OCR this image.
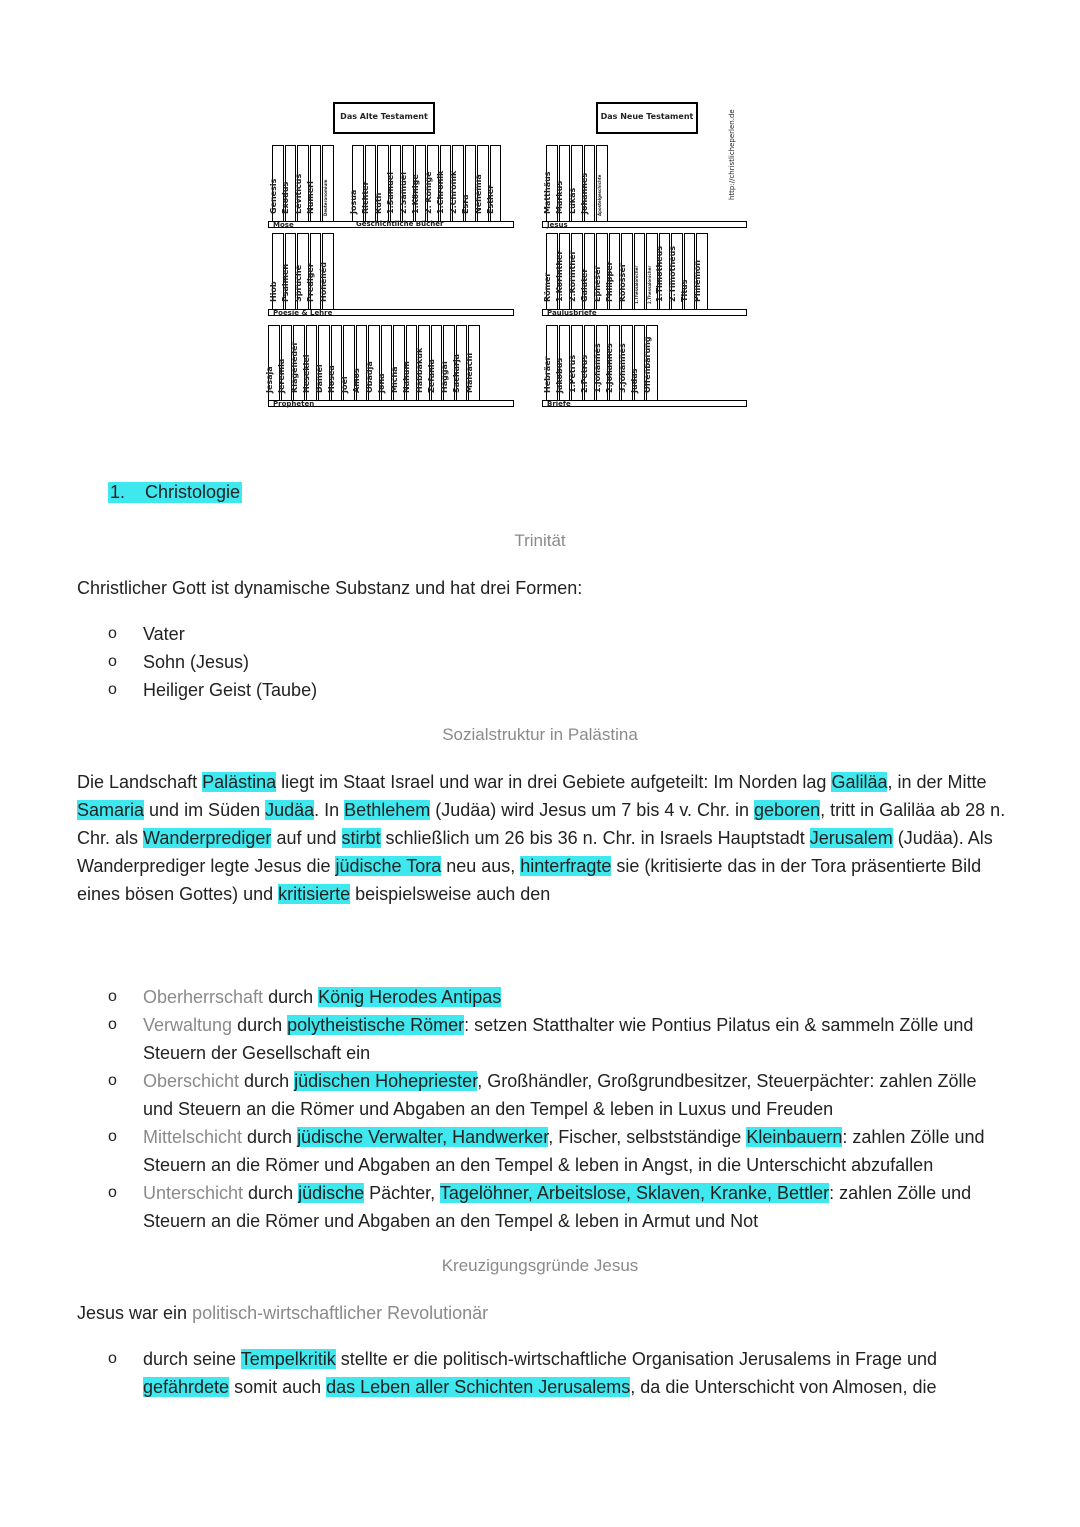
Das Alte Testament	Das Neue Testament	http://christlicheperlen.de
Genesis Exodus Leviticus Numeri Deuteronomium	Josua Richter Ruth 1.Samuel 2.Samuel 1.Könige 2. Könige 1.Chronik 2.Chronik Esra Nehemia Esther
Hiob Psalmen Sprüche Prediger Hoheliéd
Jesaja Jeremia Klagelieder Hesekiel Daniel Hosea Joel Amos Obadja Jona Micha Nahum Habbakuk Zefania Haggai Sacharja Maleachi
Mose
Poesie & Lehre
Propheten
Geschichtliche Bücher
Matthäus Markus Lukas Johannes Apostelgeschichte
Römer 1.Korinther 2.Korinther Galater Epheser Philipper Kolosser 1.Thessalonicher 2.Thessalonicher 1.Timotheus 2.Timotheus Titus Philemon
Hebräer Jakobus 1.Petrus 2.Petrus 1.Johannes 2.Johannes 3.Johannes Judas Offenbarung
Jesus
Paulusbriefe
Briefe
1. Christologie
Trinität
Christlicher Gott ist dynamische Substanz und hat drei Formen:
o Vater
o Sohn (Jesus)
o Heiliger Geist (Taube)
Sozialstruktur in Palästina
Die Landschaft Palästina liegt im Staat Israel und war in drei Gebiete aufgeteilt: Im Norden lag Galiläa, in der Mitte Samaria und im Süden Judäa. In Bethlehem (Judäa) wird Jesus um 7 bis 4 v. Chr. in geboren, tritt in Galiläa ab 28 n. Chr. als Wanderprediger auf und stirbt schließlich um 26 bis 36 n. Chr. in Israels Hauptstadt Jerusalem (Judäa). Als Wanderprediger legte Jesus die jüdische Tora neu aus, hinterfragte sie (kritisierte das in der Tora präsentierte Bild eines bösen Gottes) und kritisierte beispielsweise auch den
o Oberherrschaft durch König Herodes Antipas
o Verwaltung durch polytheistische Römer: setzen Statthalter wie Pontius Pilatus ein & sammeln Zölle und Steuern der Gesellschaft ein
o Oberschicht durch jüdischen Hohepriester, Großhändler, Großgrundbesitzer, Steuerpächter: zahlen Zölle und Steuern an die Römer und Abgaben an den Tempel & leben in Luxus und Freuden
o Mittelschicht durch jüdische Verwalter, Handwerker, Fischer, selbstständige Kleinbauern: zahlen Zölle und Steuern an die Römer und Abgaben an den Tempel & leben in Angst, in die Unterschicht abzufallen
o Unterschicht durch jüdische Pächter, Tagelöhner, Arbeitslose, Sklaven, Kranke, Bettler: zahlen Zölle und Steuern an die Römer und Abgaben an den Tempel & leben in Armut und Not
Kreuzigungsgründe Jesus
Jesus war ein politisch-wirtschaftlicher Revolutionär
o durch seine Tempelkritik stellte er die politisch-wirtschaftliche Organisation Jerusalems in Frage und gefährdete somit auch das Leben aller Schichten Jerusalems, da die Unterschicht von Almosen, die
